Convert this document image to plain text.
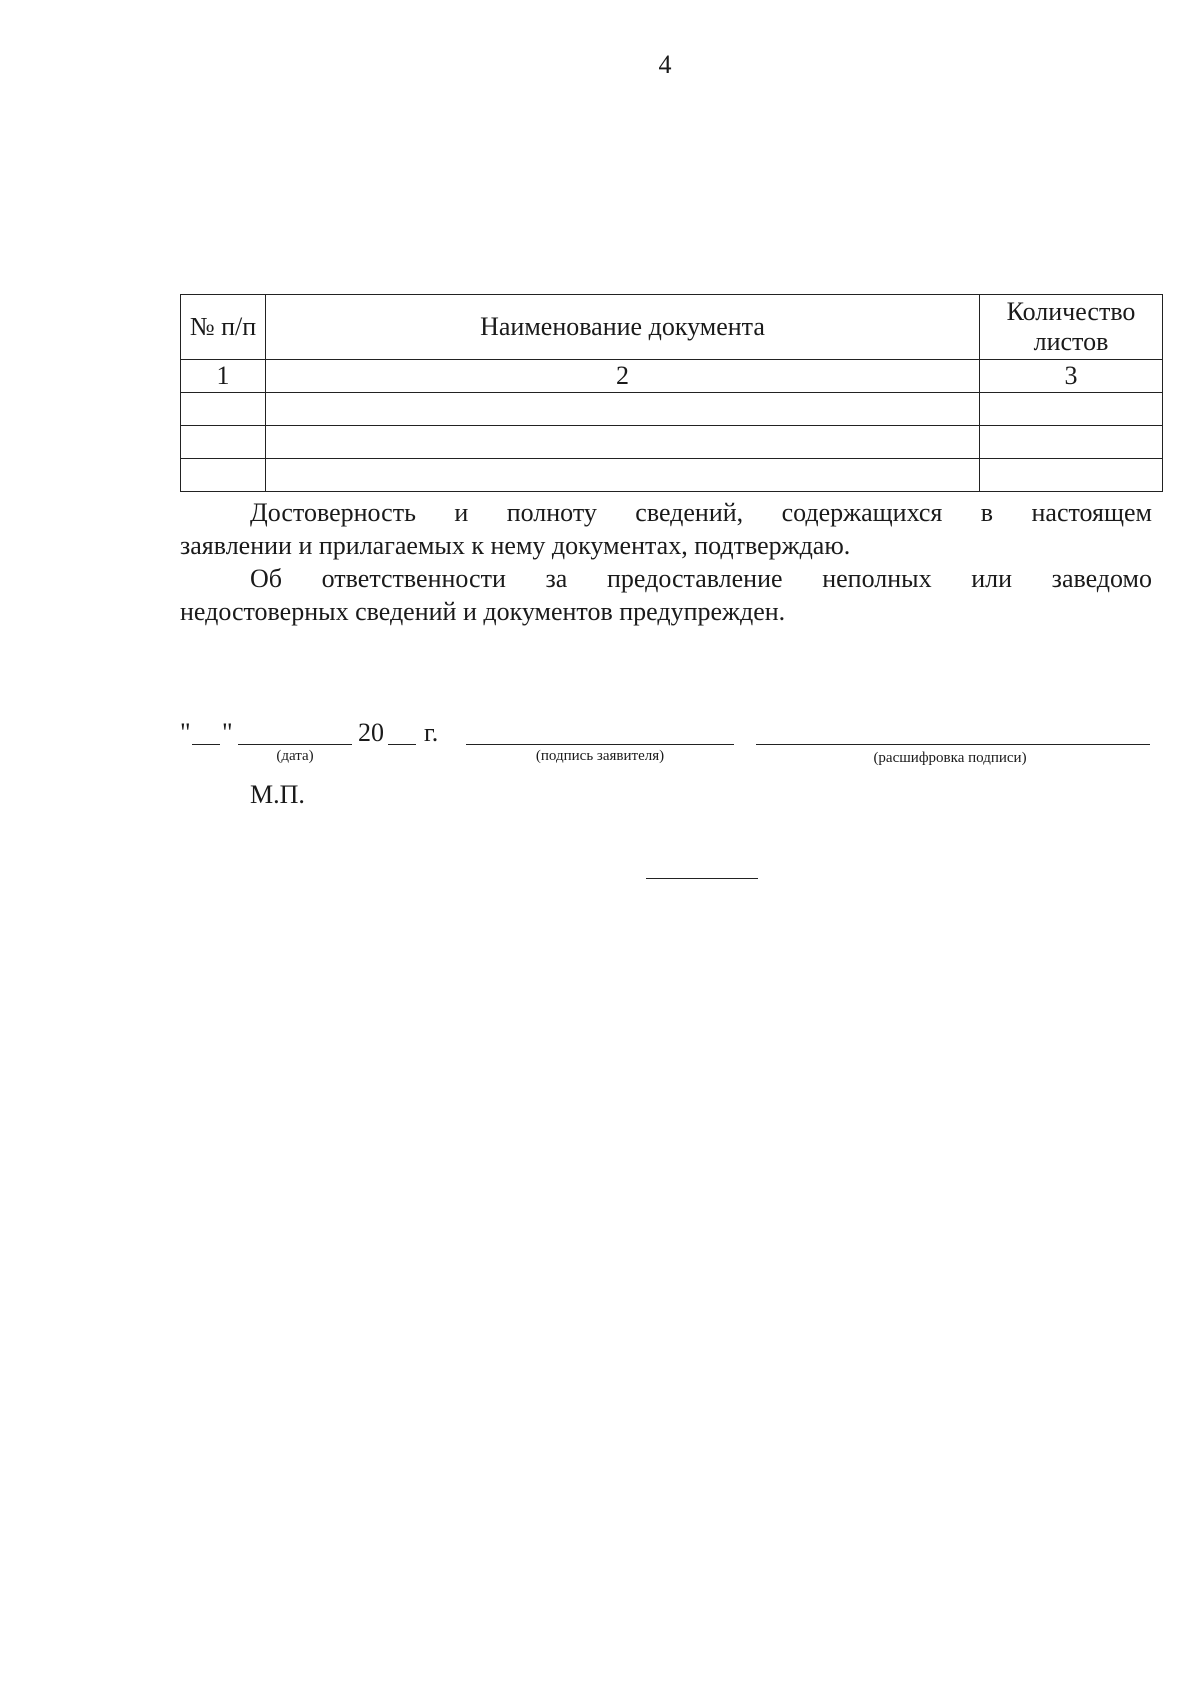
4
№ п/п	Наименование документа	Количество листов
1	2	3

Достоверность и полноту сведений, содержащихся в настоящем
заявлении и прилагаемых к нему документах, подтверждаю.
Об ответственности за предоставление неполных или заведомо
недостоверных сведений и документов предупрежден.
" "	20 г.
(дата)	(подпись заявителя)	(расшифровка подписи)
М.П.
